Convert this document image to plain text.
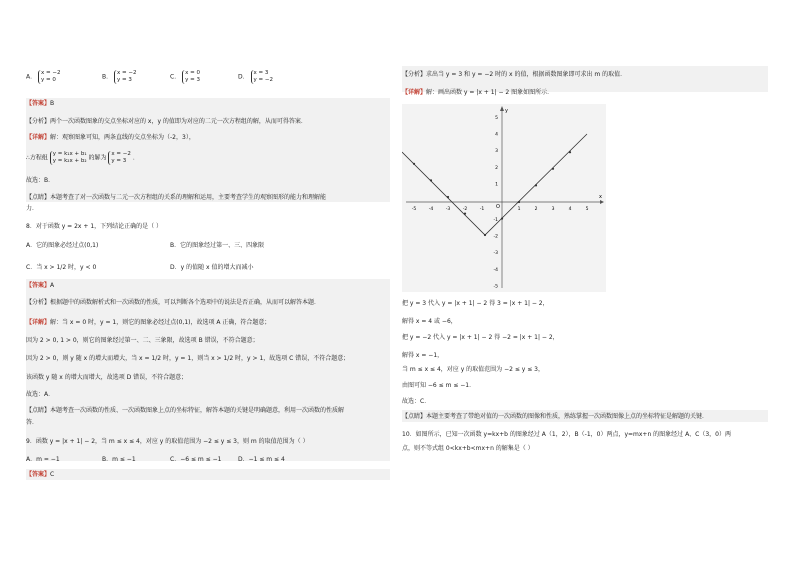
A． x = −2
y = 0	B． x = −2
y = 3	C． x = 0
y = 3	D． x = 3
y = −2
【答案】B
【分析】两个一次函数图象的交点坐标对应的 x，y 的值即为对应的二元一次方程组的解，从而可得答案．
【详解】解：观察图象可知，两条直线的交点坐标为（-2，3），
∴方程组 y = k₁x + b₁
y = k₂x + b₂ 的解为 x = −2
y = 3 ．
故选：B．
【点睛】本题考查了对一次函数与二元一次方程组的关系的理解和运用，主要考查学生的观察图形的能力和理解能
力．
8．对于函数 y = 2x + 1，下列结论正确的是（ ）
A．它的图象必经过点(0,1)	B．它的图象经过第一、三、四象限
C．当 x > 1/2 时，y < 0	D．y 的值随 x 值的增大而减小
【答案】A
【分析】根据题中的函数解析式和一次函数的性质，可以判断各个选项中的说法是否正确，从而可以解答本题．
【详解】解：当 x = 0 时，y = 1，则它的图象必经过点(0,1)，故选项 A 正确，符合题意；
因为 2 > 0, 1 > 0，则它的图象经过第一、二、三象限，故选项 B 错误，不符合题意；
因为 2 > 0，则 y 随 x 的增大而增大，当 x = 1/2 时，y = 1，则当 x > 1/2 时，y > 1，故选项 C 错误，不符合题意；
该函数 y 随 x 的增大而增大，故选项 D 错误，不符合题意；
故选：A．
【点睛】本题考查一次函数的性质、一次函数图象上点的坐标特征，解答本题的关键是明确题意，利用一次函数的性质解
答．
9．函数 y = |x + 1| − 2，当 m ≤ x ≤ 4，对应 y 的取值范围为 −2 ≤ y ≤ 3，则 m 的取值范围为（ ）
A．m = −1	B．m ≤ −1	C．−6 ≤ m ≤ −1	D．−1 ≤ m ≤ 4
【答案】C
【分析】求出当 y = 3 和 y = −2 时的 x 的值，根据函数图象即可求出 m 的取值．
【详解】解：画出函数 y = |x + 1| − 2 图象如图所示．
x
y
O
-5	-4	-3	-2	-1	1	2	3	4	5
5
4
3
2
1
-1
-2
-3
-4
-5
把 y = 3 代入 y = |x + 1| − 2 得 3 = |x + 1| − 2，
解得 x = 4 或 −6，
把 y = −2 代入 y = |x + 1| − 2 得 −2 = |x + 1| − 2，
解得 x = −1，
当 m ≤ x ≤ 4，对应 y 的取值范围为 −2 ≤ y ≤ 3，
由图可知 −6 ≤ m ≤ −1．
故选：C．
【点睛】本题主要考查了带绝对值的一次函数的图像和性质，熟练掌握一次函数图像上点的坐标特征是解题的关键．
10．如图所示，已知一次函数 y=kx+b 的图象经过 A（1，2），B（-1，0）两点，y=mx+n 的图象经过 A、C（3，0）两
点，则不等式组 0<kx+b<mx+n 的解集是（ ）
